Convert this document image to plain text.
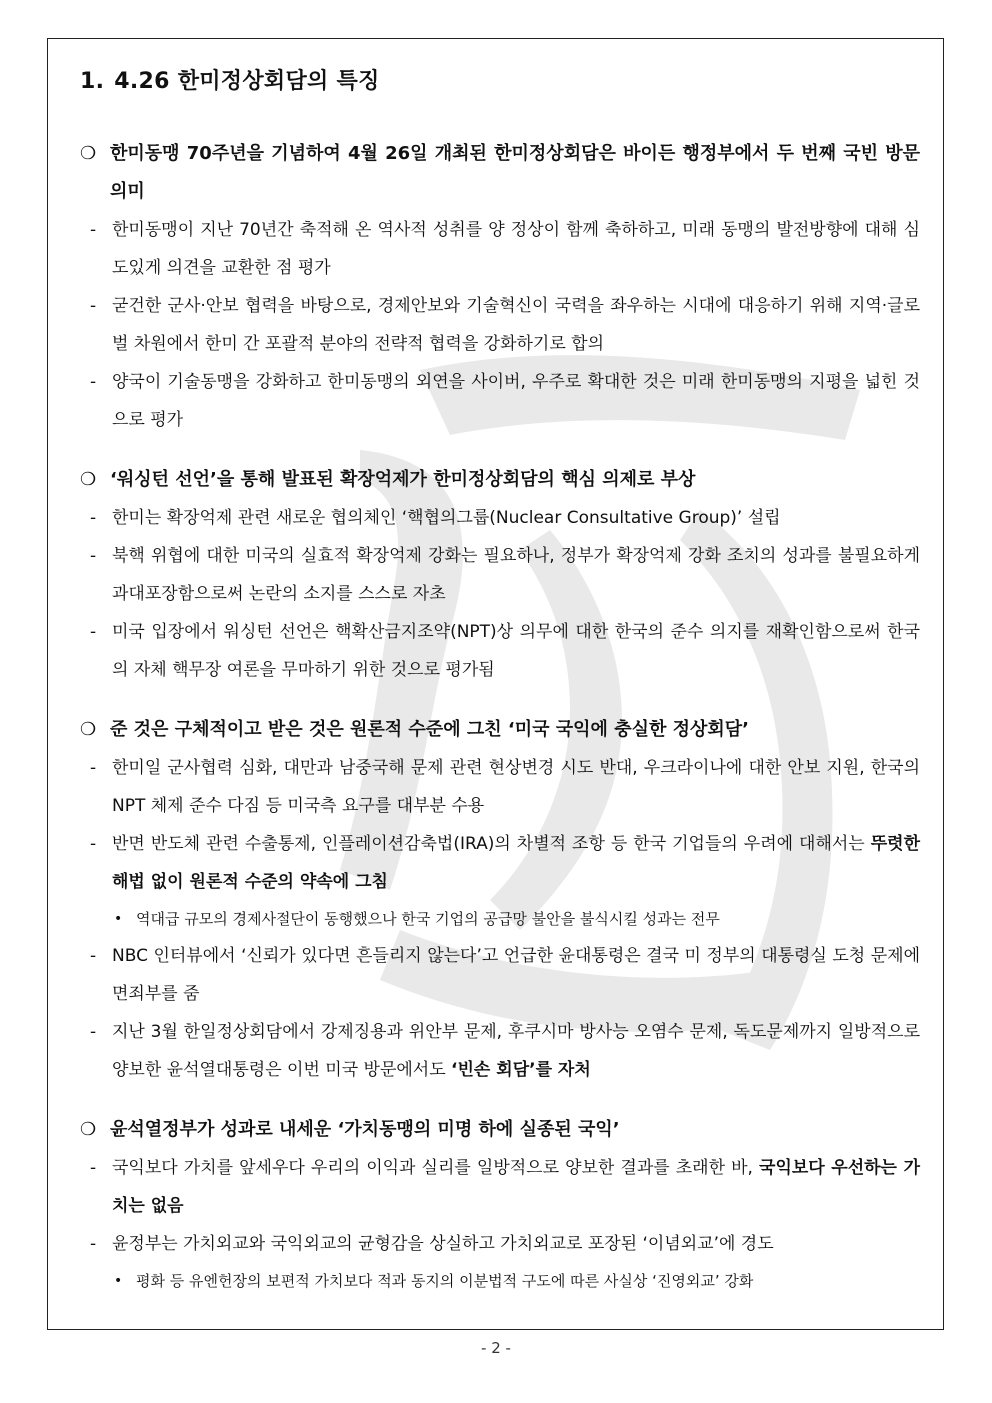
1. 4.26 한미정상회담의 특징
❍ 한미동맹 70주년을 기념하여 4월 26일 개최된 한미정상회담은 바이든 행정부에서 두 번째 국빈 방문 의미
- 한미동맹이 지난 70년간 축적해 온 역사적 성취를 양 정상이 함께 축하하고, 미래 동맹의 발전방향에 대해 심도있게 의견을 교환한 점 평가
- 굳건한 군사·안보 협력을 바탕으로, 경제안보와 기술혁신이 국력을 좌우하는 시대에 대응하기 위해 지역·글로벌 차원에서 한미 간 포괄적 분야의 전략적 협력을 강화하기로 합의
- 양국이 기술동맹을 강화하고 한미동맹의 외연을 사이버, 우주로 확대한 것은 미래 한미동맹의 지평을 넓힌 것으로 평가
❍ ‘워싱턴 선언’을 통해 발표된 확장억제가 한미정상회담의 핵심 의제로 부상
- 한미는 확장억제 관련 새로운 협의체인 ‘핵협의그룹(Nuclear Consultative Group)’ 설립
- 북핵 위협에 대한 미국의 실효적 확장억제 강화는 필요하나, 정부가 확장억제 강화 조치의 성과를 불필요하게 과대포장함으로써 논란의 소지를 스스로 자초
- 미국 입장에서 워싱턴 선언은 핵확산금지조약(NPT)상 의무에 대한 한국의 준수 의지를 재확인함으로써 한국의 자체 핵무장 여론을 무마하기 위한 것으로 평가됨
❍ 준 것은 구체적이고 받은 것은 원론적 수준에 그친 ‘미국 국익에 충실한 정상회담’
- 한미일 군사협력 심화, 대만과 남중국해 문제 관련 현상변경 시도 반대, 우크라이나에 대한 안보 지원, 한국의 NPT 체제 준수 다짐 등 미국측 요구를 대부분 수용
- 반면 반도체 관련 수출통제, 인플레이션감축법(IRA)의 차별적 조항 등 한국 기업들의 우려에 대해서는 뚜렷한 해법 없이 원론적 수준의 약속에 그침
• 역대급 규모의 경제사절단이 동행했으나 한국 기업의 공급망 불안을 불식시킬 성과는 전무
- NBC 인터뷰에서 ‘신뢰가 있다면 흔들리지 않는다’고 언급한 윤대통령은 결국 미 정부의 대통령실 도청 문제에 면죄부를 줌
- 지난 3월 한일정상회담에서 강제징용과 위안부 문제, 후쿠시마 방사능 오염수 문제, 독도문제까지 일방적으로 양보한 윤석열대통령은 이번 미국 방문에서도 ‘빈손 회담’를 자처
❍ 윤석열정부가 성과로 내세운 ‘가치동맹의 미명 하에 실종된 국익’
- 국익보다 가치를 앞세우다 우리의 이익과 실리를 일방적으로 양보한 결과를 초래한 바, 국익보다 우선하는 가치는 없음
- 윤정부는 가치외교와 국익외교의 균형감을 상실하고 가치외교로 포장된 ‘이념외교’에 경도
• 평화 등 유엔헌장의 보편적 가치보다 적과 동지의 이분법적 구도에 따른 사실상 ‘진영외교’ 강화
- 2 -
